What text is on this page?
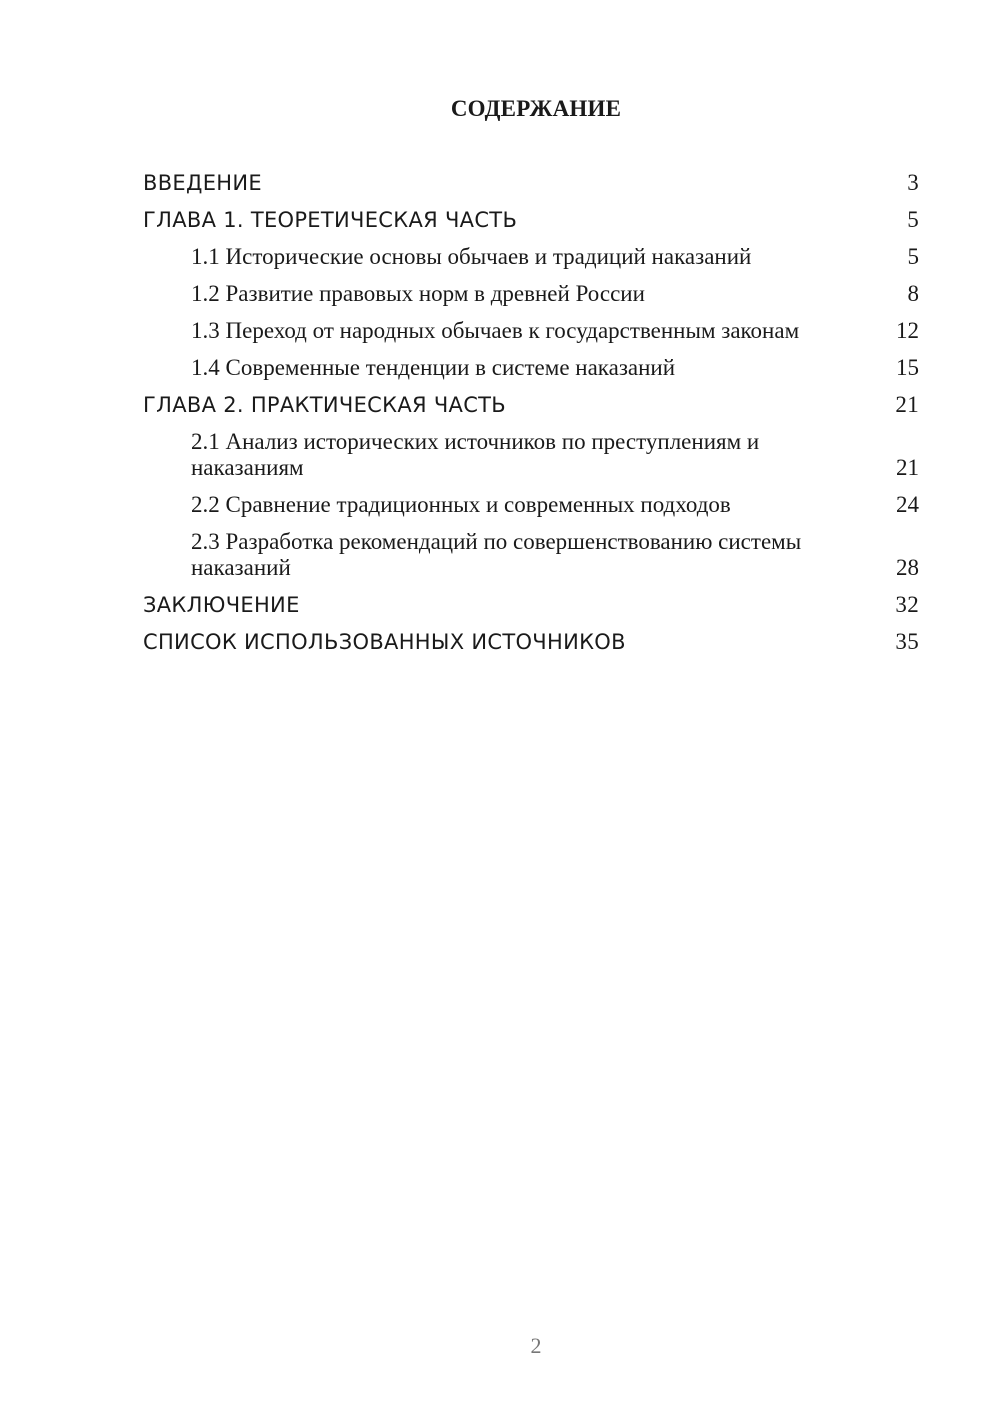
СОДЕРЖАНИЕ
ВВЕДЕНИЕ	3
ГЛАВА 1. ТЕОРЕТИЧЕСКАЯ ЧАСТЬ	5
1.1 Исторические основы обычаев и традиций наказаний	5
1.2 Развитие правовых норм в древней России	8
1.3 Переход от народных обычаев к государственным законам	12
1.4 Современные тенденции в системе наказаний	15
ГЛАВА 2. ПРАКТИЧЕСКАЯ ЧАСТЬ	21
2.1 Анализ исторических источников по преступлениям и наказаниям	21
2.2 Сравнение традиционных и современных подходов	24
2.3 Разработка рекомендаций по совершенствованию системы наказаний	28
ЗАКЛЮЧЕНИЕ	32
СПИСОК ИСПОЛЬЗОВАННЫХ ИСТОЧНИКОВ	35
2
